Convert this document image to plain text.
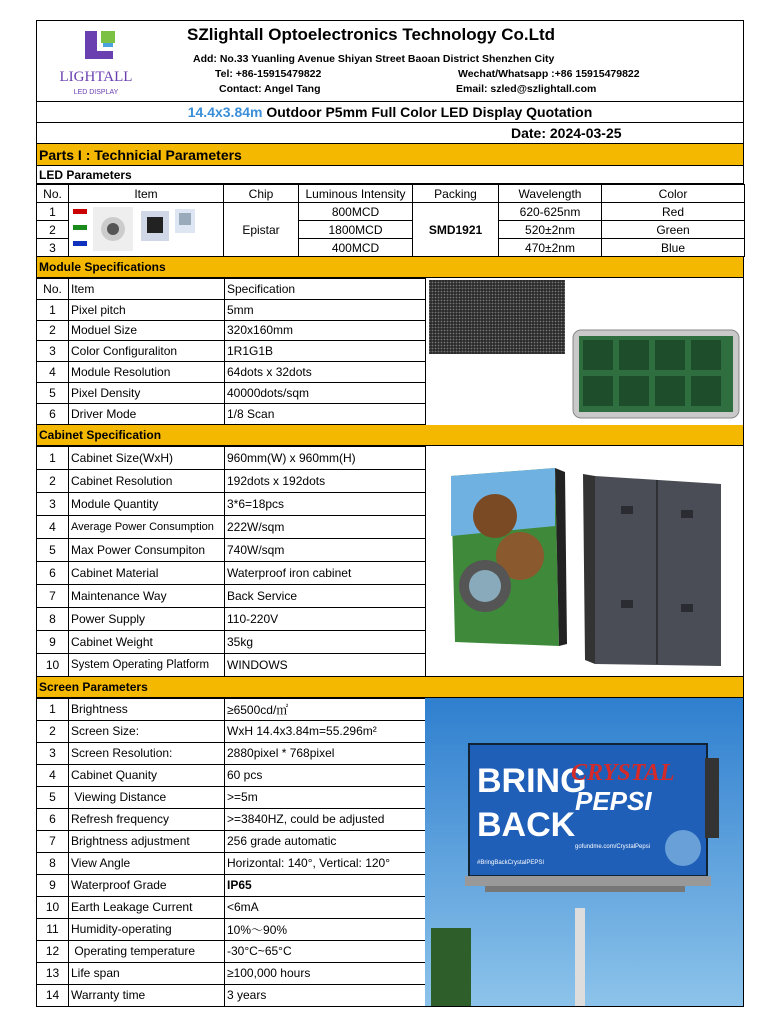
LIGHTALL
LED DISPLAY
SZlightall Optoelectronics Technology Co.Ltd
Add: No.33 Yuanling Avenue Shiyan Street Baoan District Shenzhen City
Tel: +86-15915479822	Wechat/Whatsapp :+86 15915479822
Contact: Angel Tang	Email: szled@szlightall.com
14.4x3.84m Outdoor P5mm Full Color LED Display Quotation
Date: 2024-03-25
Parts I : Technicial Parameters
LED Parameters
No.	Item	Chip	Luminous Intensity	Packing	Wavelength	Color
1		Epistar	800MCD	SMD1921	620-625nm	Red
2			1800MCD		520±2nm	Green
3			400MCD		470±2nm	Blue
Module Specifications
No.	Item	Specification
1	Pixel pitch	5mm
2	Moduel Size	320x160mm
3	Color Configuraliton	1R1G1B
4	Module Resolution	64dots x 32dots
5	Pixel Density	40000dots/sqm
6	Driver Mode	1/8 Scan
Cabinet Specification
1	Cabinet Size(WxH)	960mm(W) x 960mm(H)
2	Cabinet Resolution	192dots x 192dots
3	Module Quantity	3*6=18pcs
4	Average Power Consumption	222W/sqm
5	Max Power Consumpiton	740W/sqm
6	Cabinet Material	Waterproof iron cabinet
7	Maintenance Way	Back Service
8	Power Supply	110-220V
9	Cabinet Weight	35kg
10	System Operating Platform	WINDOWS
Screen Parameters
1	Brightness	≥6500cd/㎡
2	Screen Size:	WxH 14.4x3.84m=55.296m²
3	Screen Resolution:	2880pixel * 768pixel
4	Cabinet Quanity	60 pcs
5	Viewing Distance	>=5m
6	Refresh frequency	>=3840HZ, could be adjusted
7	Brightness adjustment	256 grade automatic
8	View Angle	Horizontal: 140°, Vertical: 120°
9	Waterproof Grade	IP65
10	Earth Leakage Current	<6mA
11	Humidity-operating	10%～90%
12	Operating temperature	-30°C~65°C
13	Life span	≥100,000 hours
14	Warranty time	3 years
BRING
BACK
CRYSTAL
PEPSI
#BringBackCrystalPEPSI
gofundme.com/CrystalPepsi
